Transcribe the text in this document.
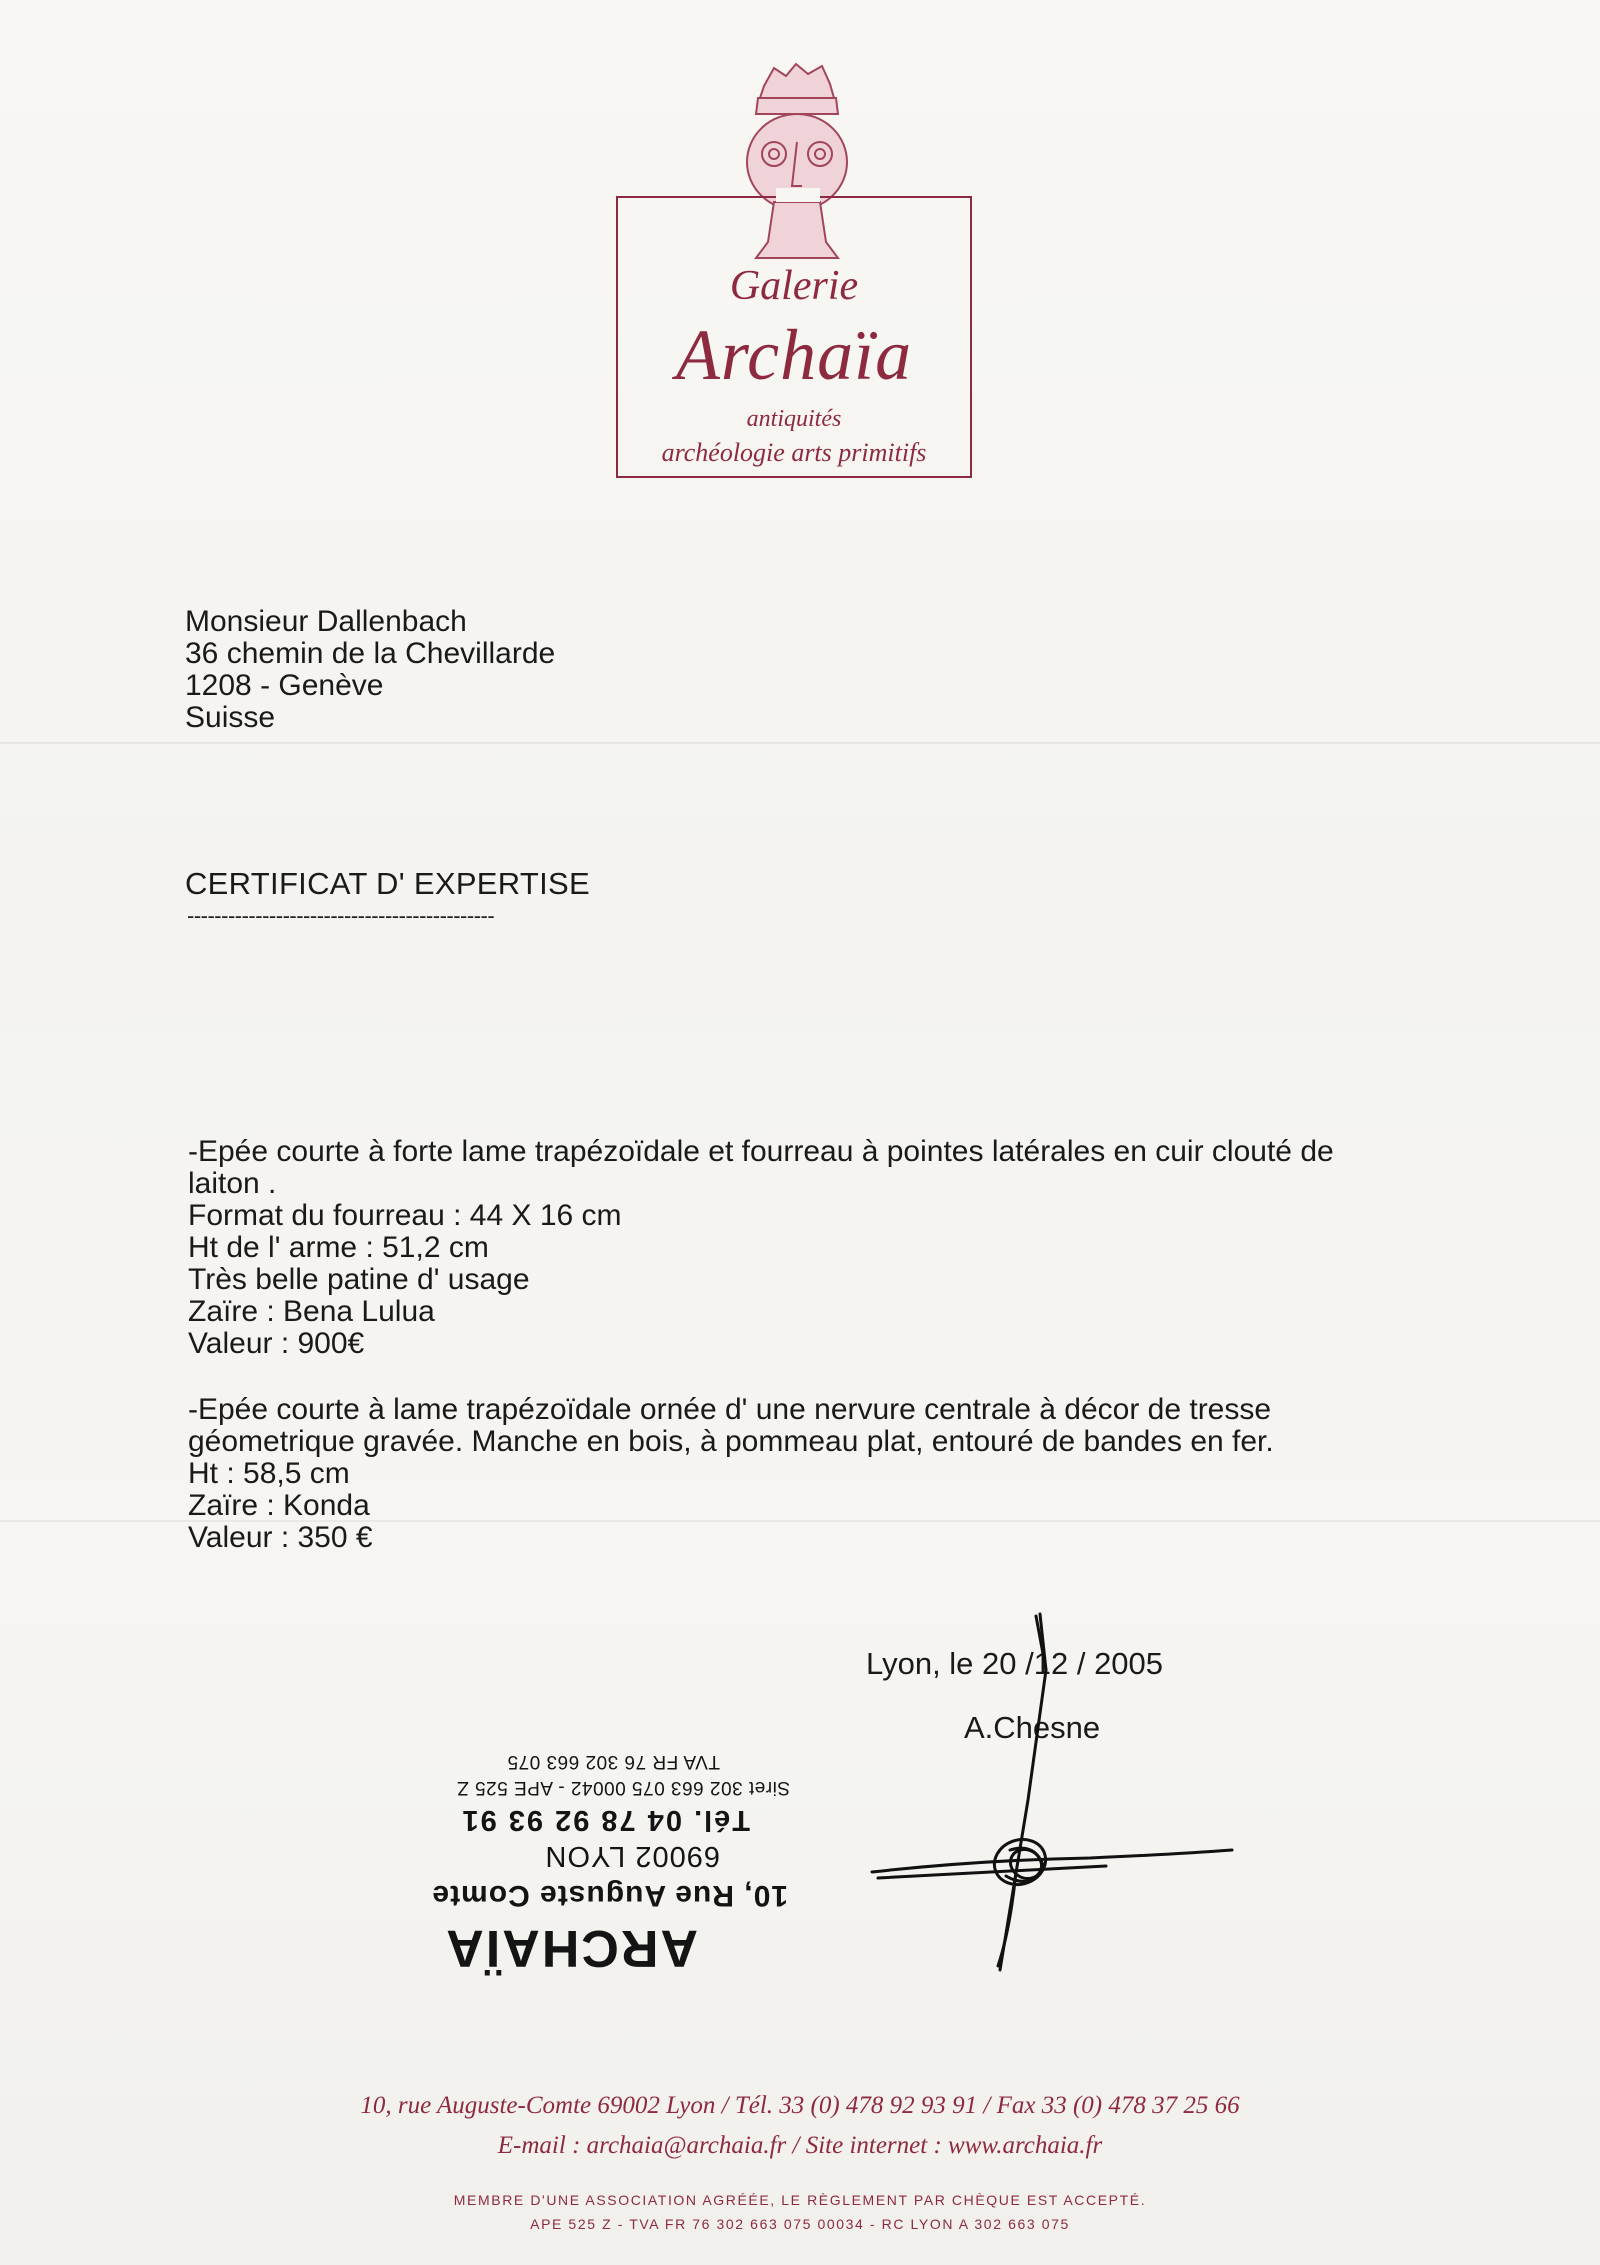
Galerie
Archaïa
antiquités
archéologie arts primitifs
Monsieur Dallenbach
36 chemin de la Chevillarde
1208 - Genève
Suisse
CERTIFICAT D' EXPERTISE
---------------------------------------------
-Epée courte à forte lame trapézoïdale et fourreau à pointes latérales en cuir clouté de
laiton .
Format du fourreau : 44 X 16 cm
Ht de l' arme : 51,2 cm
Très belle patine d' usage
Zaïre : Bena Lulua
Valeur : 900€
-Epée courte à lame trapézoïdale ornée d' une nervure centrale à décor de tresse
géometrique gravée. Manche en bois, à pommeau plat, entouré de bandes en fer.
Ht : 58,5 cm
Zaïre : Konda
Valeur : 350 €
Lyon, le 20 /12 / 2005
A.Chesne
ARCHAÏA
10, Rue Auguste Comte
69002 LYON
Tél. 04 78 92 93 91
Siret 302 663 075 00042 - APE 525 Z
TVA FR 76 302 663 075
10, rue Auguste-Comte 69002 Lyon / Tél. 33 (0) 478 92 93 91 / Fax 33 (0) 478 37 25 66
E-mail : archaia@archaia.fr / Site internet : www.archaia.fr
MEMBRE D'UNE ASSOCIATION AGRÉÉE, LE RÈGLEMENT PAR CHÈQUE EST ACCEPTÉ.
APE 525 Z - TVA FR 76 302 663 075 00034 - RC LYON A 302 663 075
